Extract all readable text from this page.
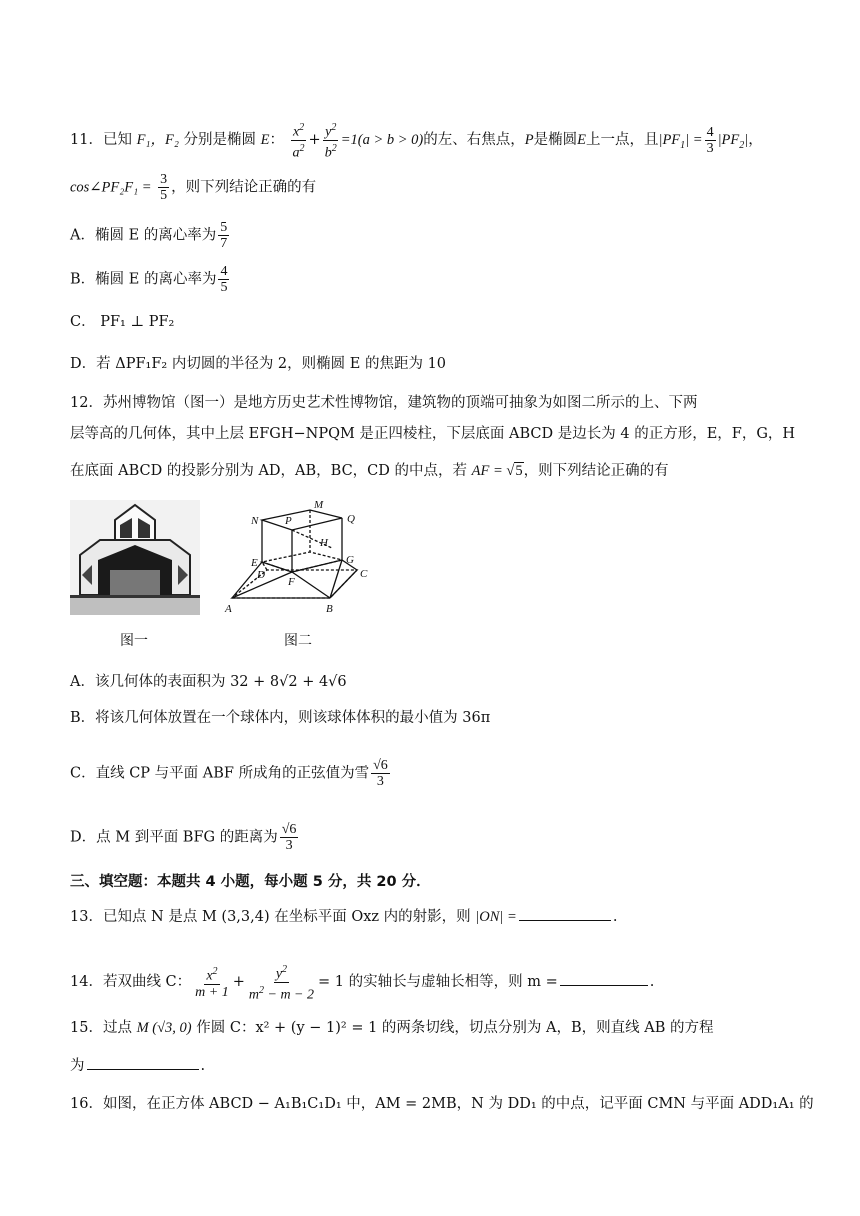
11．已知 F₁，F₂ 分别是椭圆 E： $\frac{x^2}{a^2} + \frac{y^2}{b^2} =1(a > b > 0)$的左、右焦点，P是椭圆E上一点，且$|PF_1| = \frac{4}{3} |PF_2|$，
cos∠PF₂F₁ = $\frac{3}{5}$ ，则下列结论正确的有
A．椭圆 E 的离心率为 $\frac{5}{7}$
B．椭圆 E 的离心率为 $\frac{4}{5}$
C． PF₁ ⊥ PF₂
D．若 ΔPF₁F₂ 内切圆的半径为 2，则椭圆 E 的焦距为 10
12．苏州博物馆（图一）是地方历史艺术性博物馆，建筑物的顶端可抽象为如图二所示的上、下两
层等高的几何体，其中上层 EFGH−NPQM 是正四棱柱，下层底面 ABCD 是边长为 4 的正方形，E，F，G，H
在底面 ABCD 的投影分别为 AD，AB，BC，CD 的中点，若 AF = √5，则下列结论正确的有
图一
N P
M
Q
E
F
G
H
C
A	B
D
图二
A．该几何体的表面积为 32 + 8√2 + 4√6
B．将该几何体放置在一个球体内，则该球体体积的最小值为 36π
C．直线 CP 与平面 ABF 所成角的正弦值为雪 $\frac{√6}{3}$
D．点 M 到平面 BFG 的距离为 $\frac{√6}{3}$
三、填空题：本题共 4 小题，每小题 5 分，共 20 分．
13．已知点 N 是点 M (3,3,4) 在坐标平面 Oxz 内的射影，则 |ON| =	.
14．若双曲线 C： $\frac{x^2}{m + 1} + \frac{y^2}{m^2 - m - 2} = 1$ 的实轴长与虚轴长相等，则 m =	.
15．过点 M (√3, 0) 作圆 C：x² + (y − 1)² = 1 的两条切线，切点分别为 A，B，则直线 AB 的方程
为	.
16．如图，在正方体 ABCD − A₁B₁C₁D₁ 中，AM = 2MB，N 为 DD₁ 的中点，记平面 CMN 与平面 ADD₁A₁ 的
